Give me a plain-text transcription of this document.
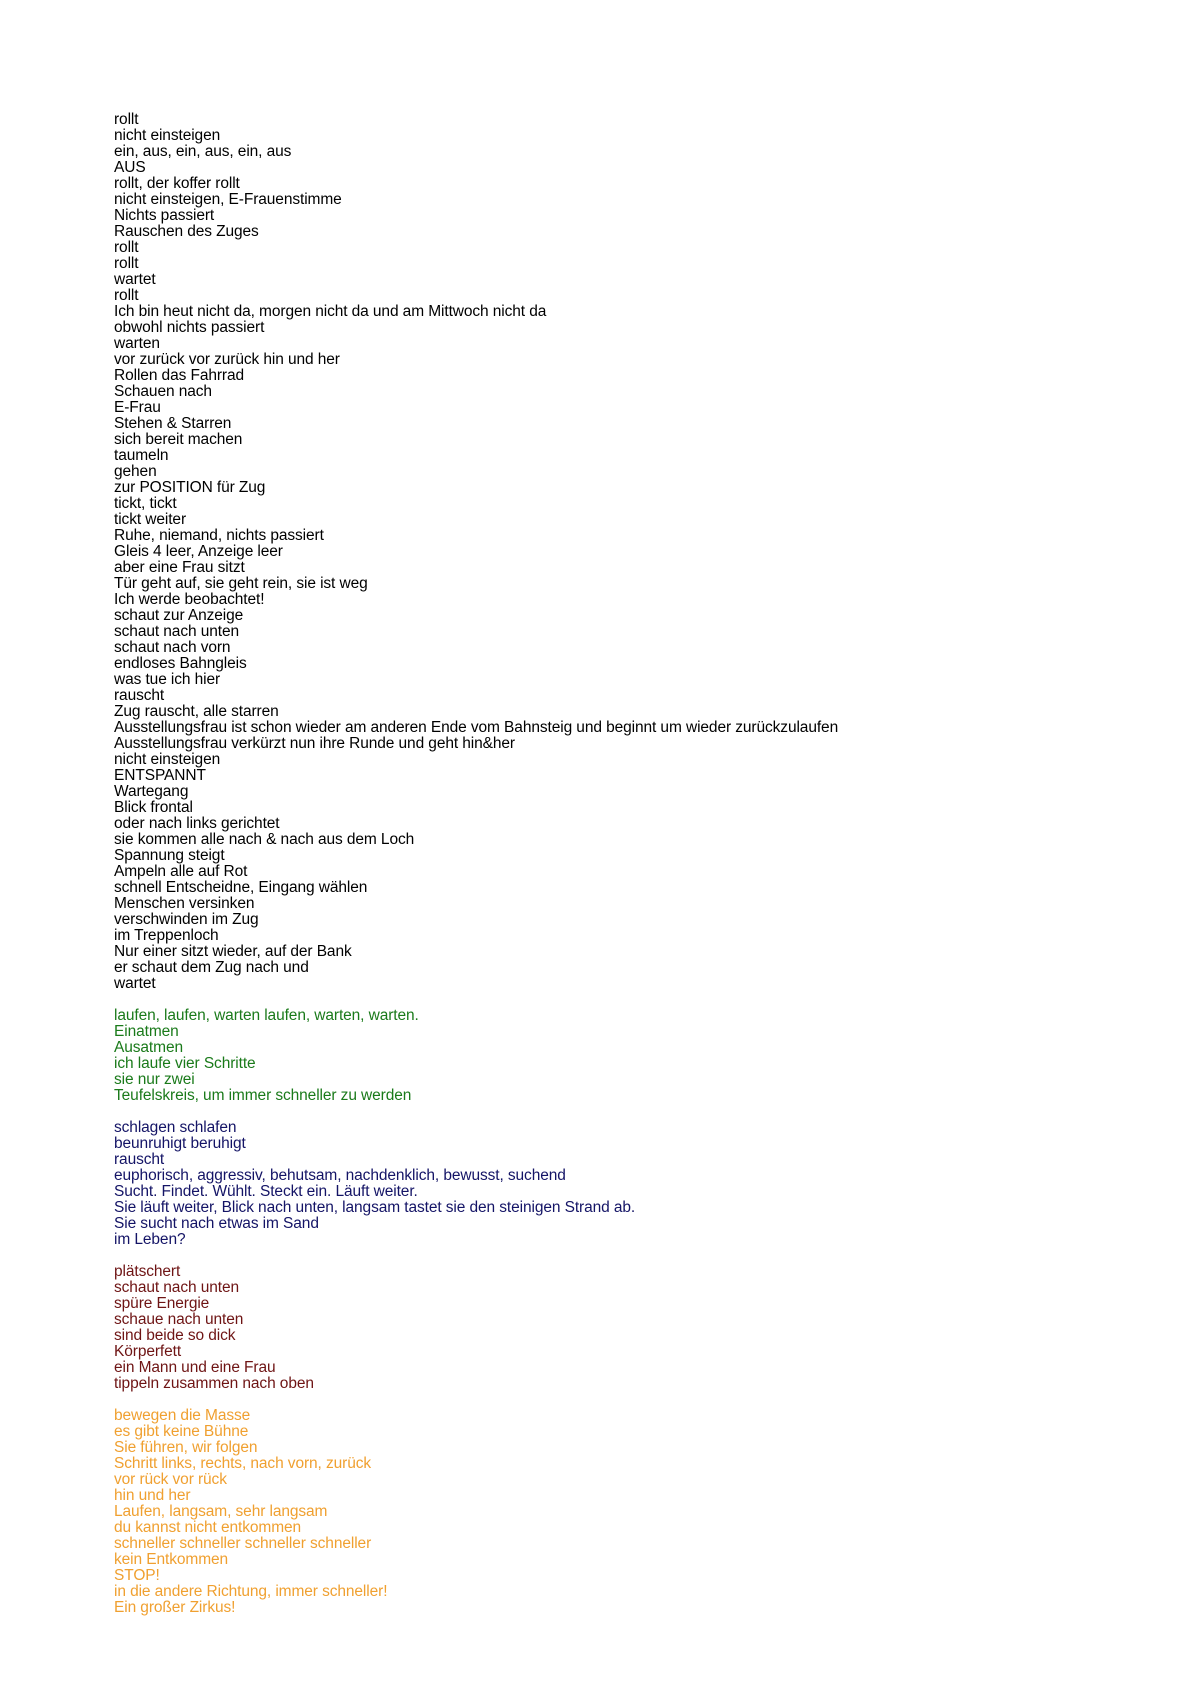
rollt
nicht einsteigen
ein, aus, ein, aus, ein, aus
AUS
rollt, der koffer rollt
nicht einsteigen, E-Frauenstimme
Nichts passiert
Rauschen des Zuges
rollt
rollt
wartet
rollt
Ich bin heut nicht da, morgen nicht da und am Mittwoch nicht da
obwohl nichts passiert
warten
vor zurück vor zurück hin und her
Rollen das Fahrrad
Schauen nach
E-Frau
Stehen & Starren
sich bereit machen
taumeln
gehen
zur POSITION für Zug
tickt, tickt
tickt weiter
Ruhe, niemand, nichts passiert
Gleis 4 leer, Anzeige leer
aber eine Frau sitzt
Tür geht auf, sie geht rein, sie ist weg
Ich werde beobachtet!
schaut zur Anzeige
schaut nach unten
schaut nach vorn
endloses Bahngleis
was tue ich hier
rauscht
Zug rauscht, alle starren
Ausstellungsfrau ist schon wieder am anderen Ende vom Bahnsteig und beginnt um wieder zurückzulaufen
Ausstellungsfrau verkürzt nun ihre Runde und geht hin&her
nicht einsteigen
ENTSPANNT
Wartegang
Blick frontal
oder nach links gerichtet
sie kommen alle nach & nach aus dem Loch
Spannung steigt
Ampeln alle auf Rot
schnell Entscheidne, Eingang wählen
Menschen versinken
verschwinden im Zug
im Treppenloch
Nur einer sitzt wieder, auf der Bank
er schaut dem Zug nach und
wartet
laufen, laufen, warten laufen, warten, warten.
Einatmen
Ausatmen
ich laufe vier Schritte
sie nur zwei
Teufelskreis, um immer schneller zu werden
schlagen schlafen
beunruhigt beruhigt
rauscht
euphorisch, aggressiv, behutsam, nachdenklich, bewusst, suchend
Sucht. Findet. Wühlt. Steckt ein. Läuft weiter.
Sie läuft weiter, Blick nach unten, langsam tastet sie den steinigen Strand ab.
Sie sucht nach etwas im Sand
im Leben?
plätschert
schaut nach unten
spüre Energie
schaue nach unten
sind beide so dick
Körperfett
ein Mann und eine Frau
tippeln zusammen nach oben
bewegen die Masse
es gibt keine Bühne
Sie führen, wir folgen
Schritt links, rechts, nach vorn, zurück
vor rück vor rück
hin und her
Laufen, langsam, sehr langsam
du kannst nicht entkommen
schneller schneller schneller schneller
kein Entkommen
STOP!
in die andere Richtung, immer schneller!
Ein großer Zirkus!
